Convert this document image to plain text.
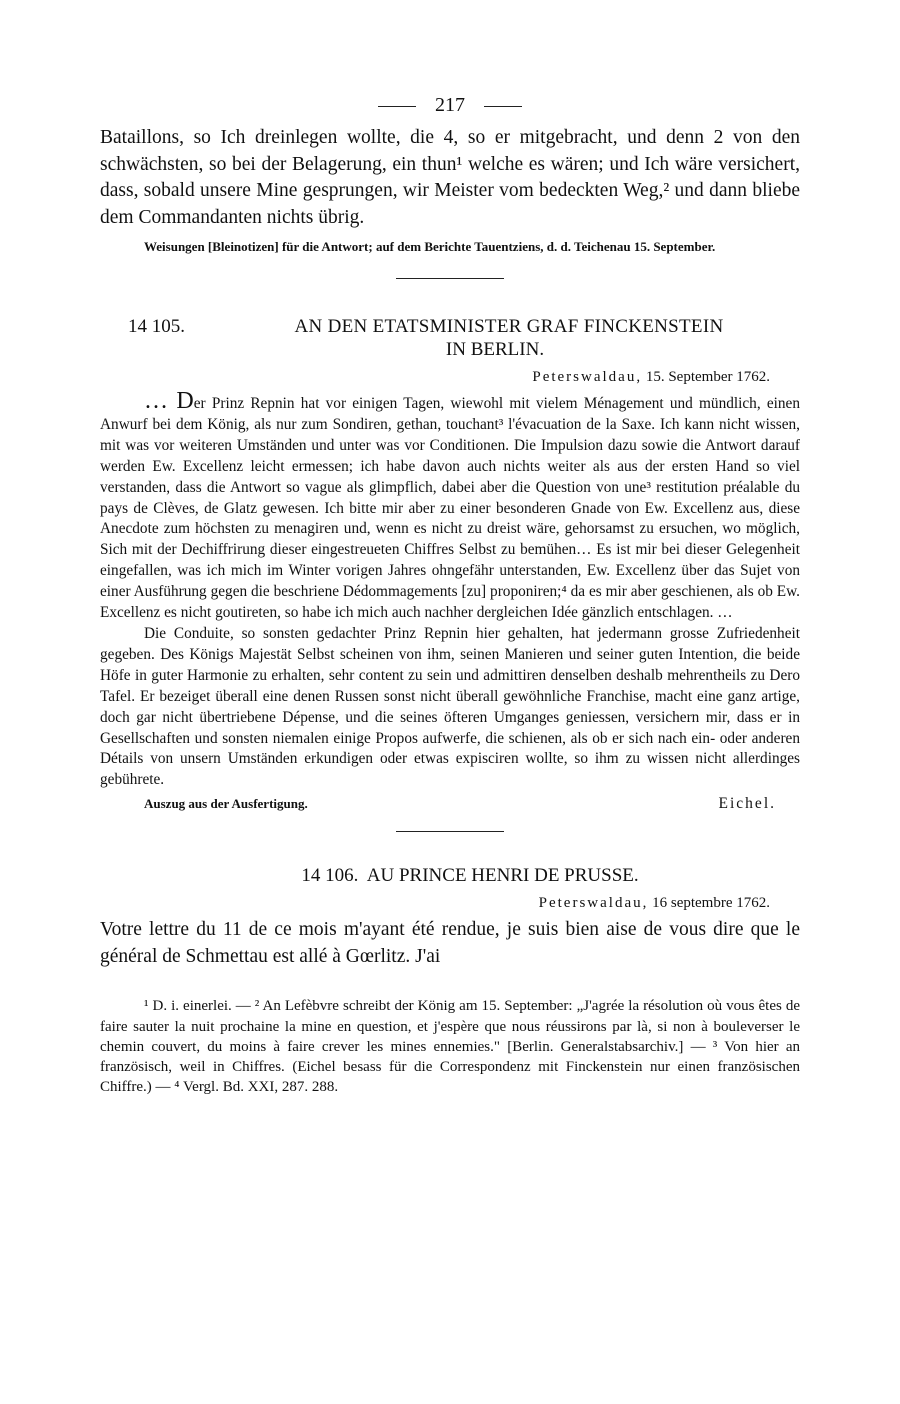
217

Bataillons, so Ich dreinlegen wollte, die 4, so er mitgebracht, und denn 2 von den schwächsten, so bei der Belagerung, ein thun¹ welche es wären; und Ich wäre versichert, dass, sobald unsere Mine gesprungen, wir Meister vom bedeckten Weg,² und dann bliebe dem Commandanten nichts übrig.

Weisungen [Bleinotizen] für die Antwort; auf dem Berichte Tauentziens, d. d. Teichenau 15. September.

14 105.	AN DEN ETATSMINISTER GRAF FINCKENSTEIN
IN BERLIN.
Peterswaldau, 15. September 1762.

… Der Prinz Repnin hat vor einigen Tagen, wiewohl mit vielem Ménagement und mündlich, einen Anwurf bei dem König, als nur zum Sondiren, gethan, touchant³ l'évacuation de la Saxe. Ich kann nicht wissen, mit was vor weiteren Umständen und unter was vor Conditionen. Die Impulsion dazu sowie die Antwort darauf werden Ew. Excellenz leicht ermessen; ich habe davon auch nichts weiter als aus der ersten Hand so viel verstanden, dass die Antwort so vague als glimpflich, dabei aber die Question von une³ restitution préalable du pays de Clèves, de Glatz gewesen. Ich bitte mir aber zu einer besonderen Gnade von Ew. Excellenz aus, diese Anecdote zum höchsten zu menagiren und, wenn es nicht zu dreist wäre, gehorsamst zu ersuchen, wo möglich, Sich mit der Dechiffrirung dieser eingestreueten Chiffres Selbst zu bemühen… Es ist mir bei dieser Gelegenheit eingefallen, was ich mich im Winter vorigen Jahres ohngefähr unterstanden, Ew. Excellenz über das Sujet von einer Ausführung gegen die beschriene Dédommagements [zu] proponiren;⁴ da es mir aber geschienen, als ob Ew. Excellenz es nicht goutireten, so habe ich mich auch nachher dergleichen Idée gänzlich entschlagen. …

Die Conduite, so sonsten gedachter Prinz Repnin hier gehalten, hat jedermann grosse Zufriedenheit gegeben. Des Königs Majestät Selbst scheinen von ihm, seinen Manieren und seiner guten Intention, die beide Höfe in guter Harmonie zu erhalten, sehr content zu sein und admittiren denselben deshalb mehrentheils zu Dero Tafel. Er bezeiget überall eine denen Russen sonst nicht überall gewöhnliche Franchise, macht eine ganz artige, doch gar nicht übertriebene Dépense, und die seines öfteren Umganges geniessen, versichern mir, dass er in Gesellschaften und sonsten niemalen einige Propos aufwerfe, die schienen, als ob er sich nach ein- oder anderen Détails von unsern Umständen erkundigen oder etwas expisciren wollte, so ihm zu wissen nicht allerdinges gebührete.

Auszug aus der Ausfertigung.	Eichel.
14 106. AU PRINCE HENRI DE PRUSSE.
Peterswaldau, 16 septembre 1762.

Votre lettre du 11 de ce mois m'ayant été rendue, je suis bien aise de vous dire que le général de Schmettau est allé à Gœrlitz. J'ai

¹ D. i. einerlei. — ² An Lefèbvre schreibt der König am 15. September: „J'agrée la résolution où vous êtes de faire sauter la nuit prochaine la mine en question, et j'espère que nous réussirons par là, si non à bouleverser le chemin couvert, du moins à faire crever les mines ennemies." [Berlin. Generalstabsarchiv.] — ³ Von hier an französisch, weil in Chiffres. (Eichel besass für die Correspondenz mit Finckenstein nur einen französischen Chiffre.) — ⁴ Vergl. Bd. XXI, 287. 288.
